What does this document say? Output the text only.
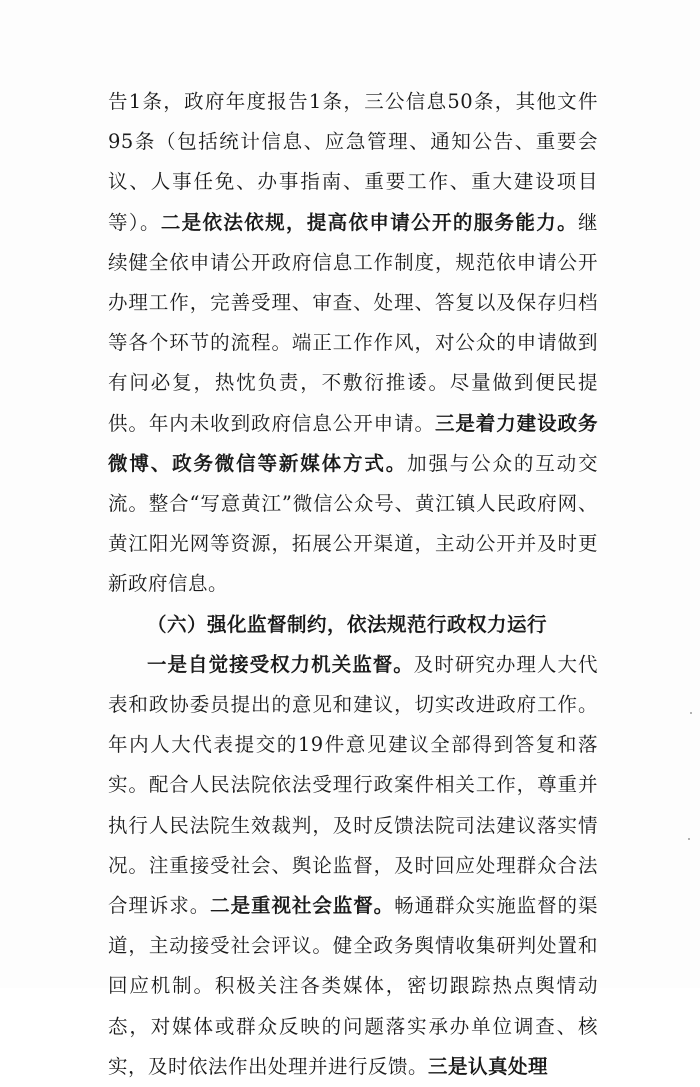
告1条，政府年度报告1条，三公信息50条，其他文件95条（包括统计信息、应急管理、通知公告、重要会议、人事任免、办事指南、重要工作、重大建设项目等）。二是依法依规，提高依申请公开的服务能力。继续健全依申请公开政府信息工作制度，规范依申请公开办理工作，完善受理、审查、处理、答复以及保存归档等各个环节的流程。端正工作作风，对公众的申请做到有问必复，热忱负责，不敷衍推诿。尽量做到便民提供。年内未收到政府信息公开申请。三是着力建设政务微博、政务微信等新媒体方式。加强与公众的互动交流。整合“写意黄江”微信公众号、黄江镇人民政府网、黄江阳光网等资源，拓展公开渠道，主动公开并及时更新政府信息。

（六）强化监督制约，依法规范行政权力运行

一是自觉接受权力机关监督。及时研究办理人大代表和政协委员提出的意见和建议，切实改进政府工作。年内人大代表提交的19件意见建议全部得到答复和落实。配合人民法院依法受理行政案件相关工作，尊重并执行人民法院生效裁判，及时反馈法院司法建议落实情况。注重接受社会、舆论监督，及时回应处理群众合法合理诉求。二是重视社会监督。畅通群众实施监督的渠道，主动接受社会评议。健全政务舆情收集研判处置和回应机制。积极关注各类媒体，密切跟踪热点舆情动态，对媒体或群众反映的问题落实承办单位调查、核实，及时依法作出处理并进行反馈。三是认真处理
